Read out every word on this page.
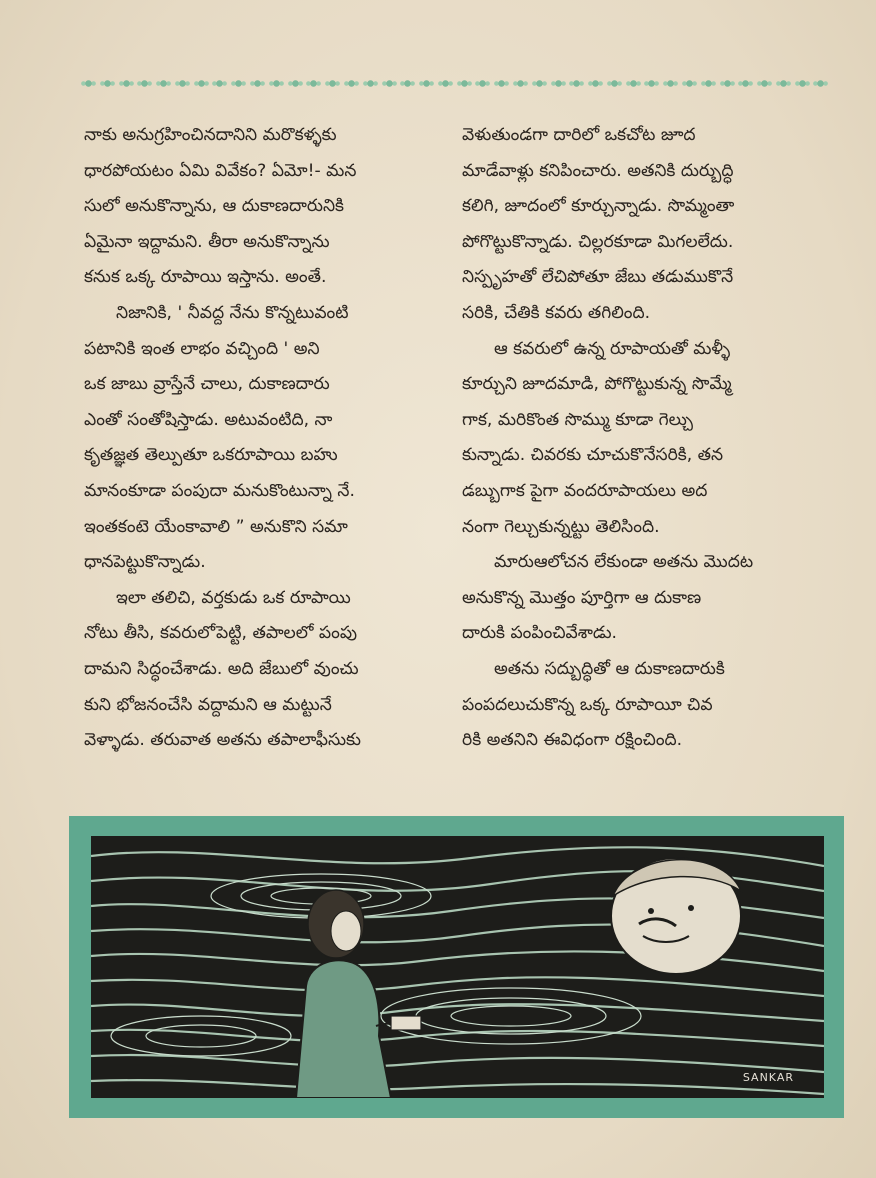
నాకు అనుగ్రహించినదానిని మరొకళ్ళకు
ధారపోయటం ఏమి వివేకం? ఏమో!- మన
సులో అనుకొన్నాను, ఆ దుకాణదారునికి
ఏమైనా ఇద్దామని. తీరా అనుకొన్నాను
కనుక ఒక్క రూపాయి ఇస్తాను. అంతే.
నిజానికి, ' నీవద్ద నేను కొన్నటువంటి
పటానికి ఇంత లాభం వచ్చింది ' అని
ఒక జాబు వ్రాస్తేనే చాలు, దుకాణదారు
ఎంతో సంతోషిస్తాడు. అటువంటిది, నా
కృతజ్ఞత తెల్పుతూ ఒకరూపాయి బహు
మానంకూడా పంపుదా మనుకొంటున్నా నే.
ఇంతకంటె యేంకావాలి ” అనుకొని సమా
ధానపెట్టుకొన్నాడు.
ఇలా తలిచి, వర్తకుడు ఒక రూపాయి
నోటు తీసి, కవరులోపెట్టి, తపాలలో పంపు
దామని సిద్ధంచేశాడు. అది జేబులో వుంచు
కుని భోజనంచేసి వద్దామని ఆ మట్టునే
వెళ్ళాడు. తరువాత అతను తపాలాఫీసుకు
వెళుతుండగా దారిలో ఒకచోట జూద
మాడేవాళ్లు కనిపించారు. అతనికి దుర్బుద్ధి
కలిగి, జూదంలో కూర్చున్నాడు. సొమ్మంతా
పోగొట్టుకొన్నాడు. చిల్లరకూడా మిగలలేదు.
నిస్పృహతో లేచిపోతూ జేబు తడుముకొనే
సరికి, చేతికి కవరు తగిలింది.
ఆ కవరులో ఉన్న రూపాయతో మళ్ళీ
కూర్చుని జూదమాడి, పోగొట్టుకున్న సొమ్మే
గాక, మరికొంత సొమ్ము కూడా గెల్చు
కున్నాడు. చివరకు చూచుకొనేసరికి, తన
డబ్బుగాక పైగా వందరూపాయలు అద
నంగా గెల్చుకున్నట్టు తెలిసింది.
మారుఆలోచన లేకుండా అతను మొదట
అనుకొన్న మొత్తం పూర్తిగా ఆ దుకాణ
దారుకి పంపించివేశాడు.
అతను సద్బుద్ధితో ఆ దుకాణదారుకి
పంపదలుచుకొన్న ఒక్క రూపాయీ చివ
రికి అతనిని ఈవిధంగా రక్షించింది.
SANKAR
